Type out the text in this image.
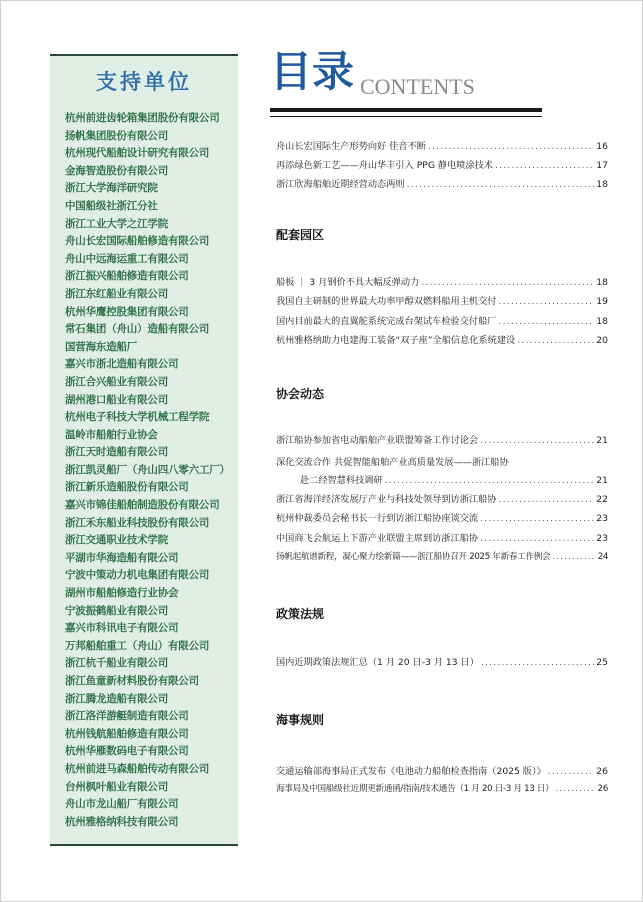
支持单位
杭州前进齿轮箱集团股份有限公司
扬帆集团股份有限公司
杭州现代船舶设计研究有限公司
金海智造股份有限公司
浙江大学海洋研究院
中国船级社浙江分社
浙江工业大学之江学院
舟山长宏国际船舶修造有限公司
舟山中远海运重工有限公司
浙江振兴船舶修造有限公司
浙江东红船业有限公司
杭州华鹰控股集团有限公司
常石集团（舟山）造船有限公司
国营海东造船厂
嘉兴市浙北造船有限公司
浙江合兴船业有限公司
湖州港口船业有限公司
杭州电子科技大学机械工程学院
温岭市船舶行业协会
浙江天时造船有限公司
浙江凯灵船厂（舟山四八零六工厂）
浙江新乐造船股份有限公司
嘉兴市锦佳船舶制造股份有限公司
浙江禾东船业科技股份有限公司
浙江交通职业技术学院
平湖市华海造船有限公司
宁波中策动力机电集团有限公司
湖州市船舶修造行业协会
宁波振鹤船业有限公司
嘉兴市科讯电子有限公司
万邦船舶重工（舟山）有限公司
浙江杭千船业有限公司
浙江鱼童新材料股份有限公司
浙江腾龙造船有限公司
浙江洛洋游艇制造有限公司
杭州钱航船舶修造有限公司
杭州华雁数码电子有限公司
杭州前进马森船舶传动有限公司
台州枫叶船业有限公司
舟山市龙山船厂有限公司
杭州雅格纳科技有限公司
目录 CONTENTS
舟山长宏国际生产形势向好 佳音不断 .....	16
再添绿色新工艺——舟山华丰引入 PPG 静电喷涂技术 .....	17
浙江欣海船舶近期经营动态两则 .....	18
配套园区
船板 ｜ 3 月钢价不具大幅反弹动力 .....	18
我国自主研制的世界最大功率甲醇双燃料船用主机交付 .....	19
国内目前最大的直翼舵系统完成台架试车检验交付船厂 .....	18
杭州雅格纳助力电建海工装备“双子座”全船信息化系统建设 .....	20
协会动态
浙江船协参加省电动船舶产业联盟筹备工作讨论会 .....	21
深化交流合作 共促智能船舶产业高质量发展——浙江船协
赴二经智慧科技调研 .....	21
浙江省海洋经济发展厅产业与科技处领导到访浙江船协 .....	22
杭州仲裁委员会秘书长一行到访浙江船协座谈交流 .....	23
中国商飞会航运上下游产业联盟主席到访浙江船协 .....	23
扬帆起航谱新程，凝心聚力绘新篇——浙江船协召开 2025 年新春工作例会 .....	24
政策法规
国内近期政策法规汇总（1 月 20 日-3 月 13 日） .....	25
海事规则
交通运输部海事局正式发布《电池动力船舶检查指南（2025 版）》 .....	26
海事局及中国船级社近期更新通函/指南/技术通告（1 月 20 日-3 月 13 日） .....	26
